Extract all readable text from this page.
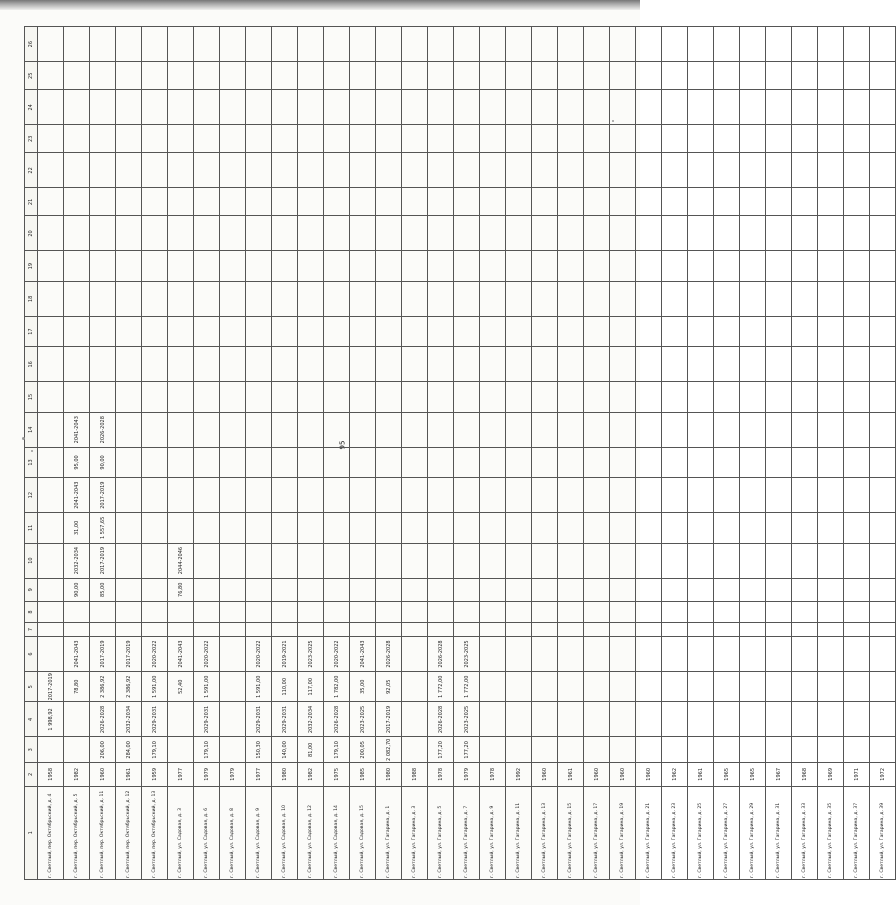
95
1	2	3	4	5	6	7	8	9	10	11	12	13	14	15	16	17	18	19	20	21	22	23	24	25	26
г. Светлый, пер. Октябрьский, д. 4	1958		1 998,92	2017-2019																					
г. Светлый, пер. Октябрьский, д. 5	1982			78,80	2041-2043			90,00	2032-2034	31,00	2041-2043	95,00	2041-2043												
г. Светлый, пер. Октябрьский, д. 11	1960	206,00	2026-2028	2 386,92	2017-2019			85,00	2017-2019	1 557,65	2017-2019	90,00	2026-2028												
г. Светлый, пер. Октябрьский, д. 12	1961	284,00	2032-2034	2 386,92	2017-2019																				
г. Светлый, пер. Октябрьский, д. 13	1959	179,10	2029-2031	1 591,00	2020-2022																				
г. Светлый, ул. Садовая, д. 3	1977			52,40	2041-2043			76,80	2044-2046																
г. Светлый, ул. Садовая, д. 6	1979	179,10	2029-2031	1 591,00	2020-2022																				
г. Светлый, ул. Садовая, д. 8	1979																								
г. Светлый, ул. Садовая, д. 9	1977	150,30	2029-2031	1 591,00	2020-2022																				
г. Светлый, ул. Садовая, д. 10	1980	140,00	2029-2031	110,00	2019-2021																				
г. Светлый, ул. Садовая, д. 12	1982	81,00	2032-2034	117,00	2023-2025																				
г. Светлый, ул. Садовая, д. 14	1975	179,10	2026-2028	1 782,00	2020-2022																				
г. Светлый, ул. Садовая, д. 15	1985	200,05	2023-2025	35,00	2041-2043																				
г. Светлый, ул. Гагарина, д. 1	1980	2 082,70	2017-2019	92,05	2026-2028																				
г. Светлый, ул. Гагарина, д. 3	1988																								
г. Светлый, ул. Гагарина, д. 5	1978	177,20	2026-2028	1 772,00	2026-2028																				
г. Светлый, ул. Гагарина, д. 7	1979	177,20	2023-2025	1 772,00	2023-2025																				
г. Светлый, ул. Гагарина, д. 9	1978																								
г. Светлый, ул. Гагарина, д. 11	1992																								
г. Светлый, ул. Гагарина, д. 13	1960																								
г. Светлый, ул. Гагарина, д. 15	1961																								
г. Светлый, ул. Гагарина, д. 17	1960																								
г. Светлый, ул. Гагарина, д. 19	1960																								
г. Светлый, ул. Гагарина, д. 21	1960																								
г. Светлый, ул. Гагарина, д. 23	1962																								
г. Светлый, ул. Гагарина, д. 25	1961																								
г. Светлый, ул. Гагарина, д. 27	1965																								
г. Светлый, ул. Гагарина, д. 29	1965																								
г. Светлый, ул. Гагарина, д. 31	1967																								
г. Светлый, ул. Гагарина, д. 33	1968																								
г. Светлый, ул. Гагарина, д. 35	1969																								
г. Светлый, ул. Гагарина, д. 37	1971																								
г. Светлый, ул. Гагарина, д. 39	1972																								
